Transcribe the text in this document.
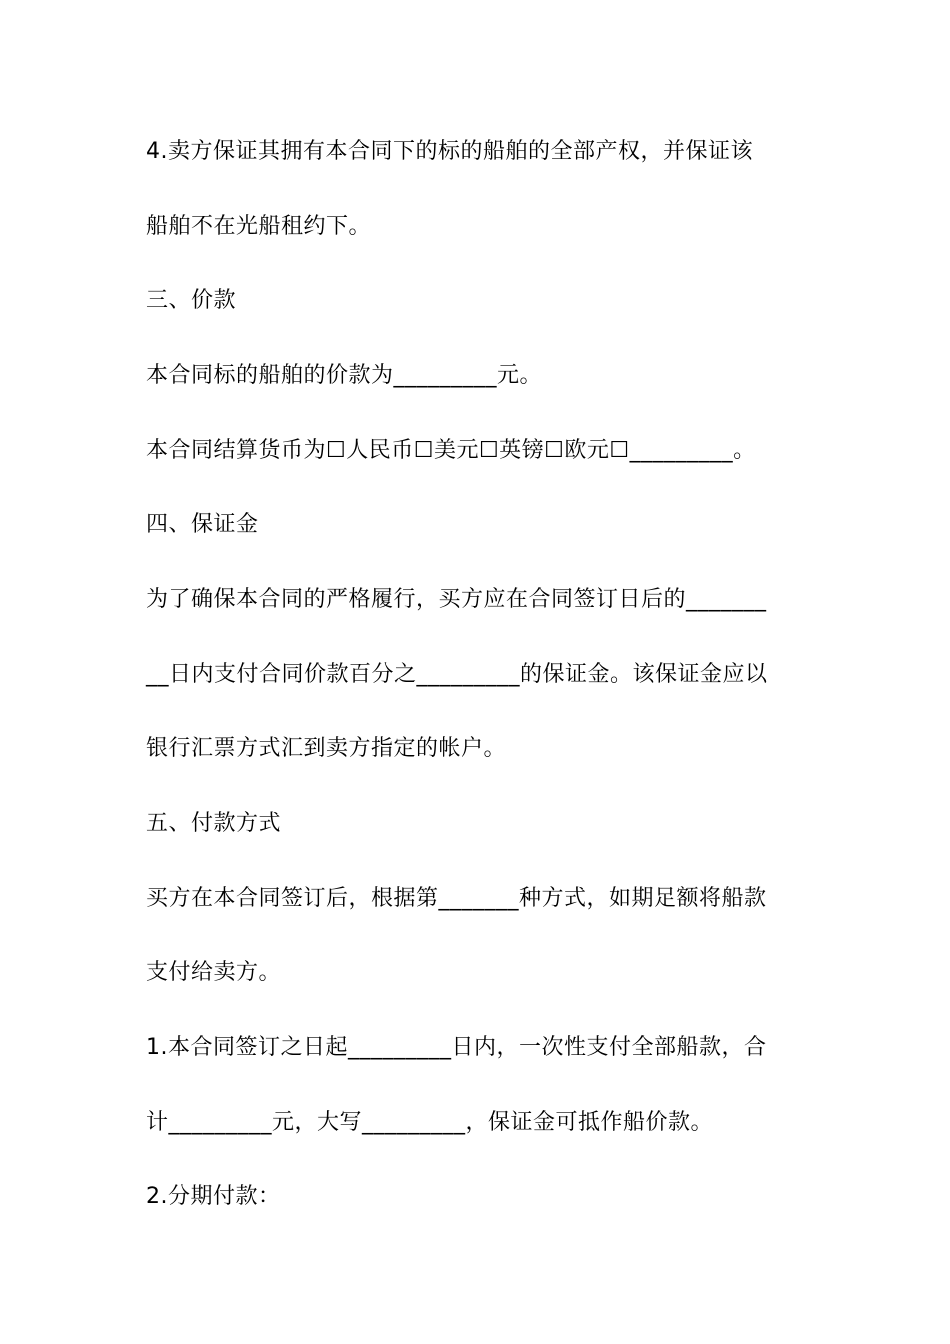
4.卖方保证其拥有本合同下的标的船舶的全部产权，并保证该
船舶不在光船租约下。
三、价款
本合同标的船舶的价款为_________元。
本合同结算货币为☐人民币☐美元☐英镑☐欧元☐_________。
四、保证金
为了确保本合同的严格履行，买方应在合同签订日后的_______
__日内支付合同价款百分之_________的保证金。该保证金应以
银行汇票方式汇到卖方指定的帐户。
五、付款方式
买方在本合同签订后，根据第_______种方式，如期足额将船款
支付给卖方。
1.本合同签订之日起_________日内，一次性支付全部船款，合
计_________元，大写_________，保证金可抵作船价款。
2.分期付款：
